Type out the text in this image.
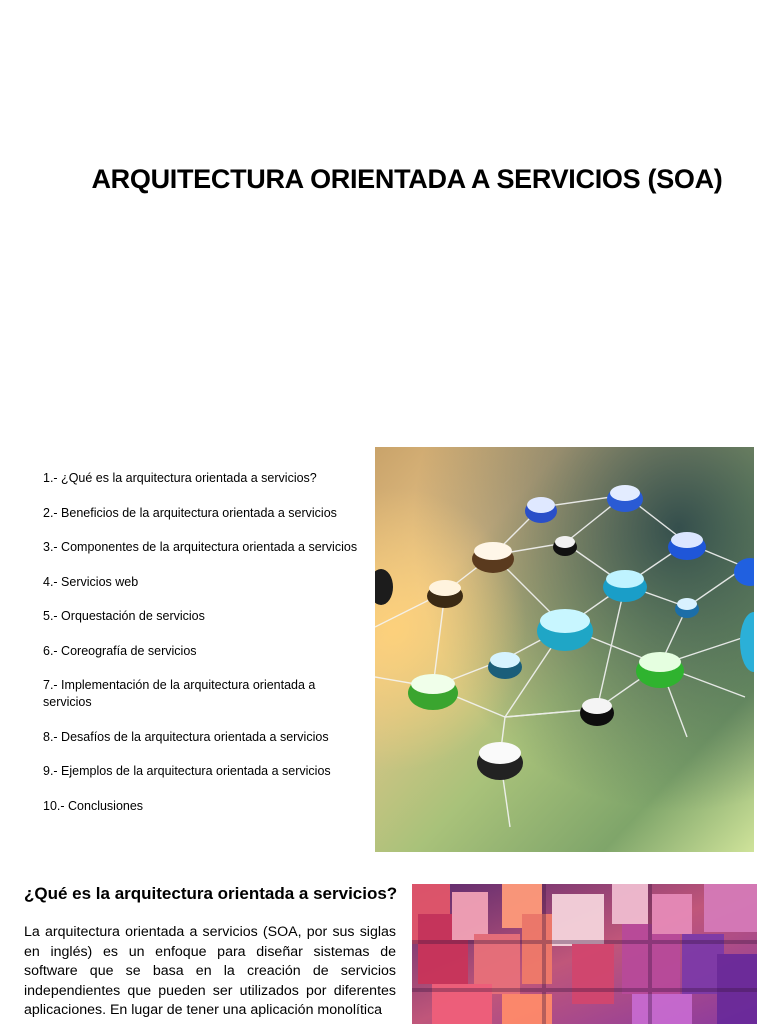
ARQUITECTURA ORIENTADA A SERVICIOS (SOA)
1.- ¿Qué es la arquitectura orientada a servicios?
2.- Beneficios de la arquitectura orientada a servicios
3.- Componentes de la arquitectura orientada a servicios
4.- Servicios web
5.- Orquestación de servicios
6.- Coreografía de servicios
7.- Implementación de la arquitectura orientada a servicios
8.- Desafíos de la arquitectura orientada a servicios
9.- Ejemplos de la arquitectura orientada a servicios
10.- Conclusiones
¿Qué es la arquitectura orientada a servicios?

La arquitectura orientada a servicios (SOA, por sus siglas en inglés) es un enfoque para diseñar sistemas de software que se basa en la creación de servicios independientes que pueden ser utilizados por diferentes aplicaciones. En lugar de tener una aplicación monolítica
